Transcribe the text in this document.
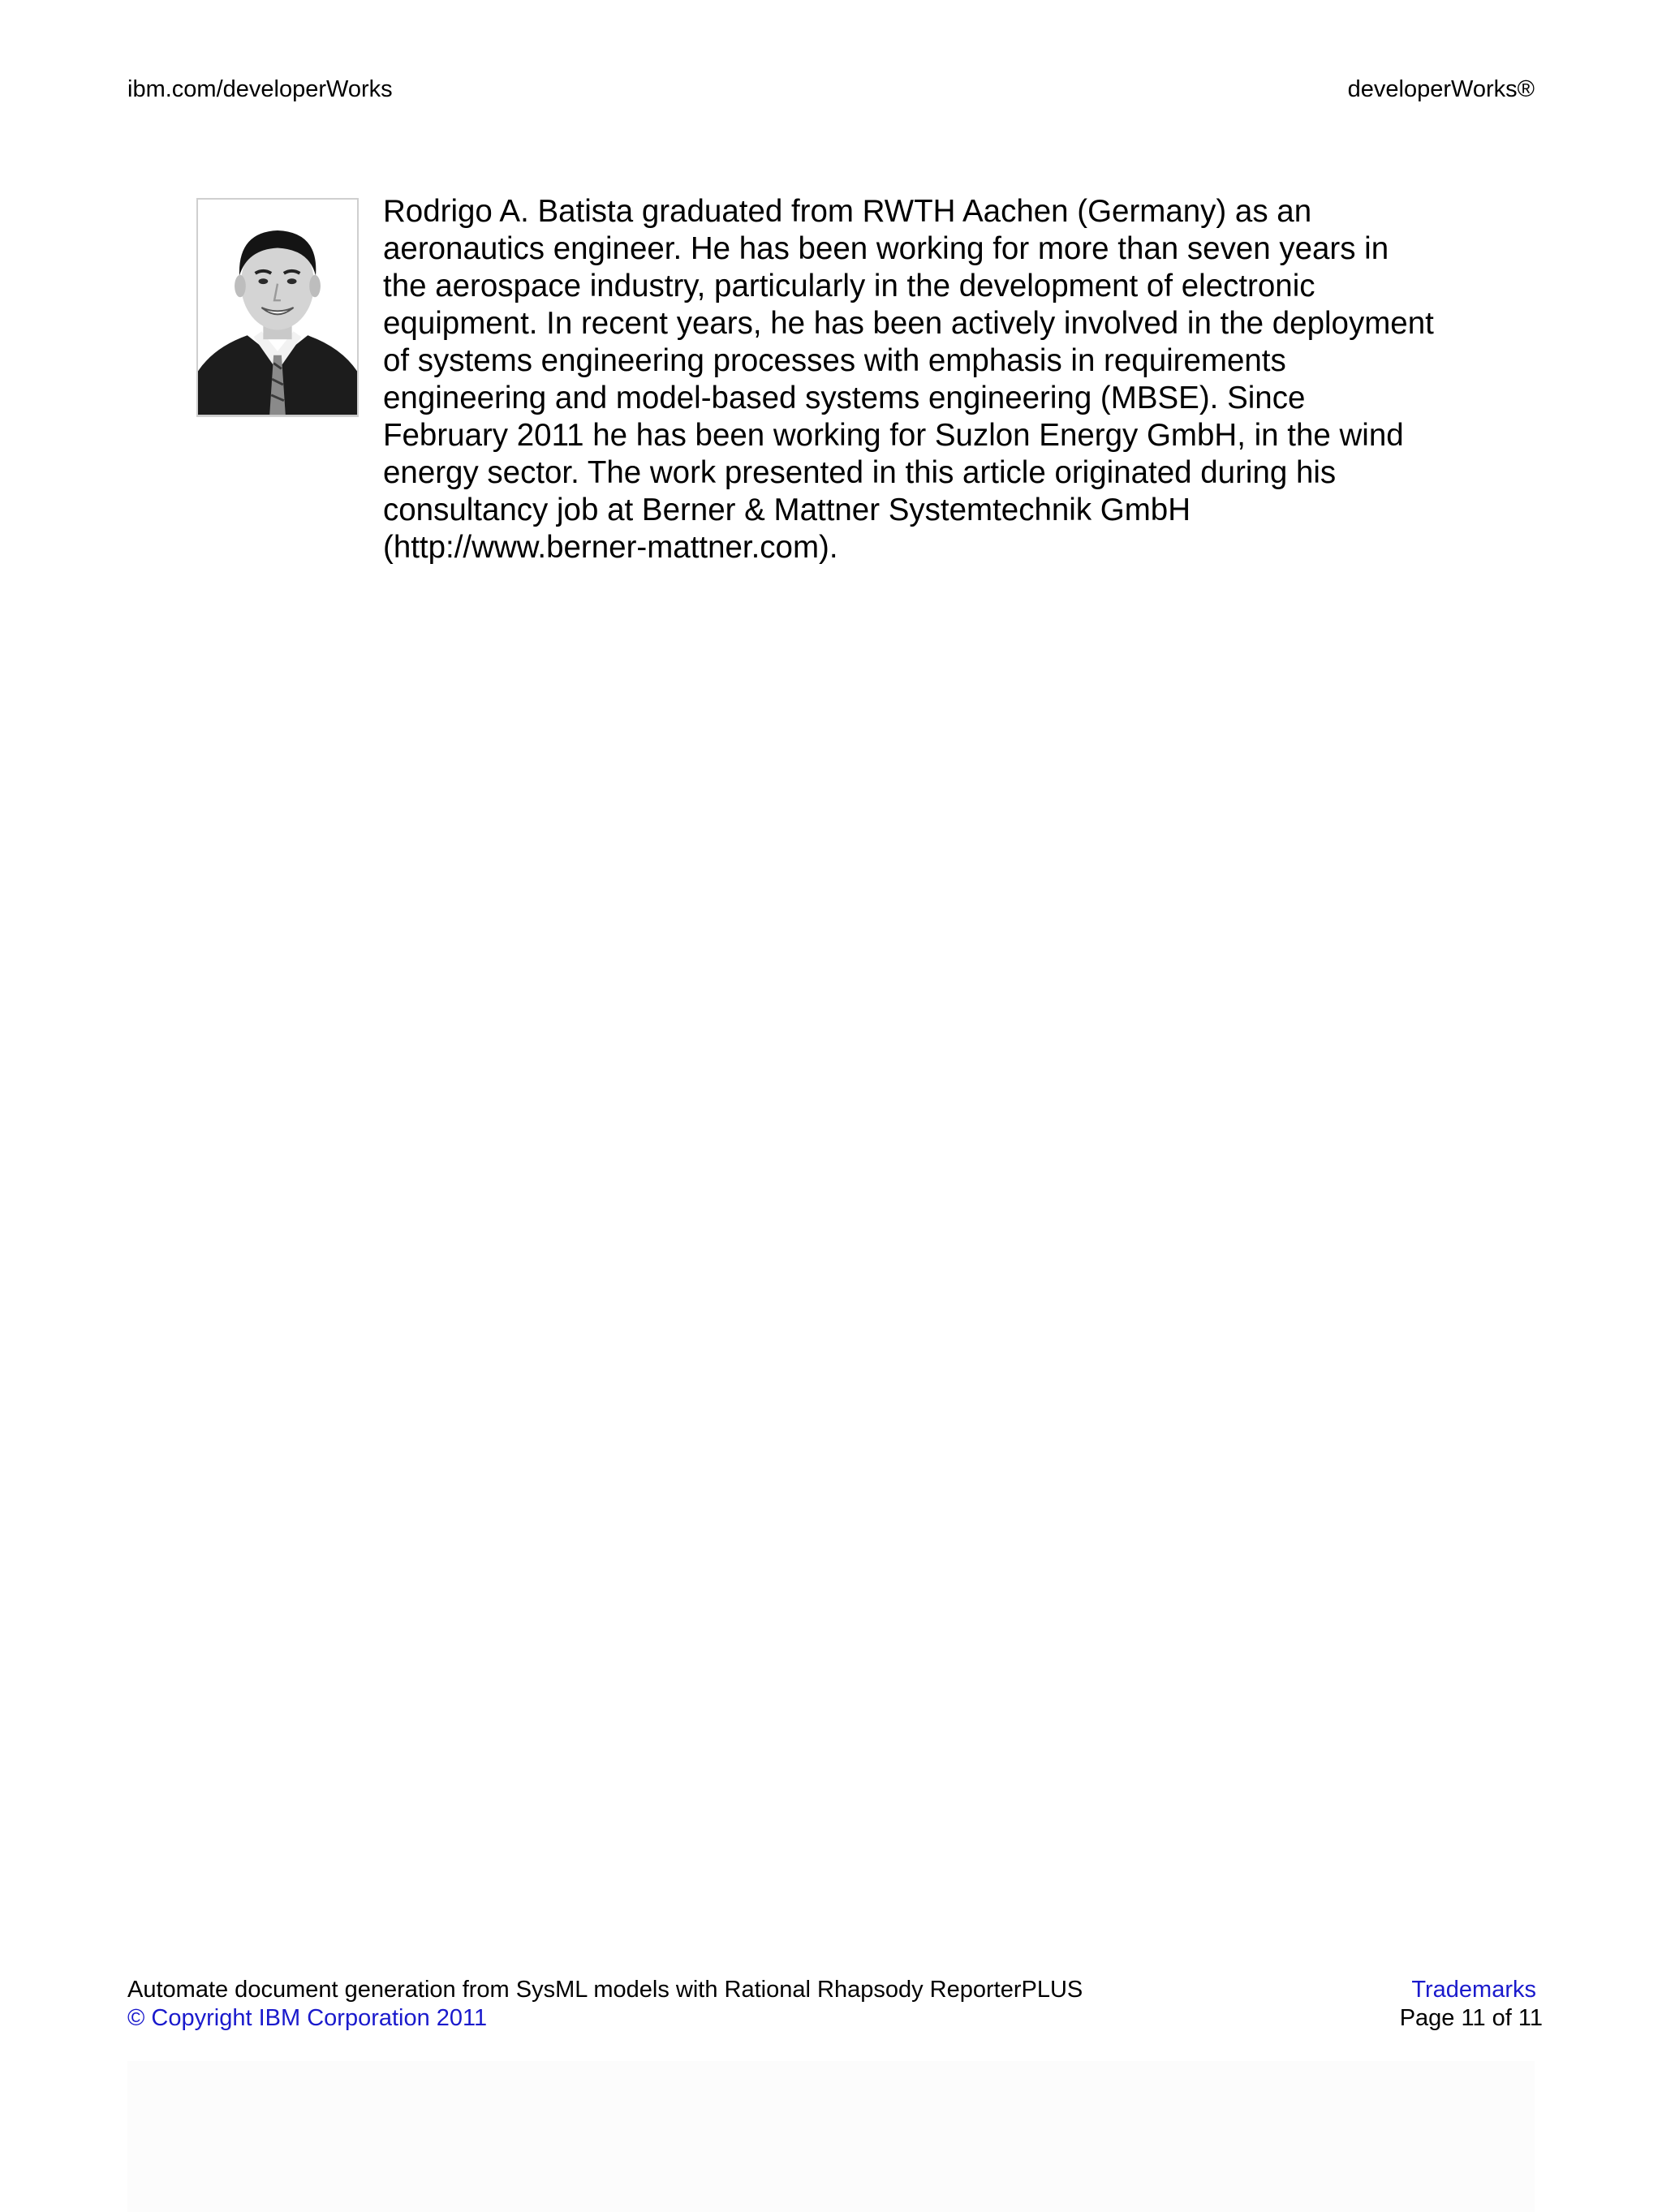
ibm.com/developerWorks	developerWorks®
Rodrigo A. Batista graduated from RWTH Aachen (Germany) as an aeronautics engineer. He has been working for more than seven years in the aerospace industry, particularly in the development of electronic equipment. In recent years, he has been actively involved in the deployment of systems engineering processes with emphasis in requirements engineering and model-based systems engineering (MBSE). Since February 2011 he has been working for Suzlon Energy GmbH, in the wind energy sector. The work presented in this article originated during his consultancy job at Berner & Mattner Systemtechnik GmbH (http://www.berner-mattner.com).
Automate document generation from SysML models with Rational Rhapsody ReporterPLUS
© Copyright IBM Corporation 2011
Trademarks
Page 11 of 11
